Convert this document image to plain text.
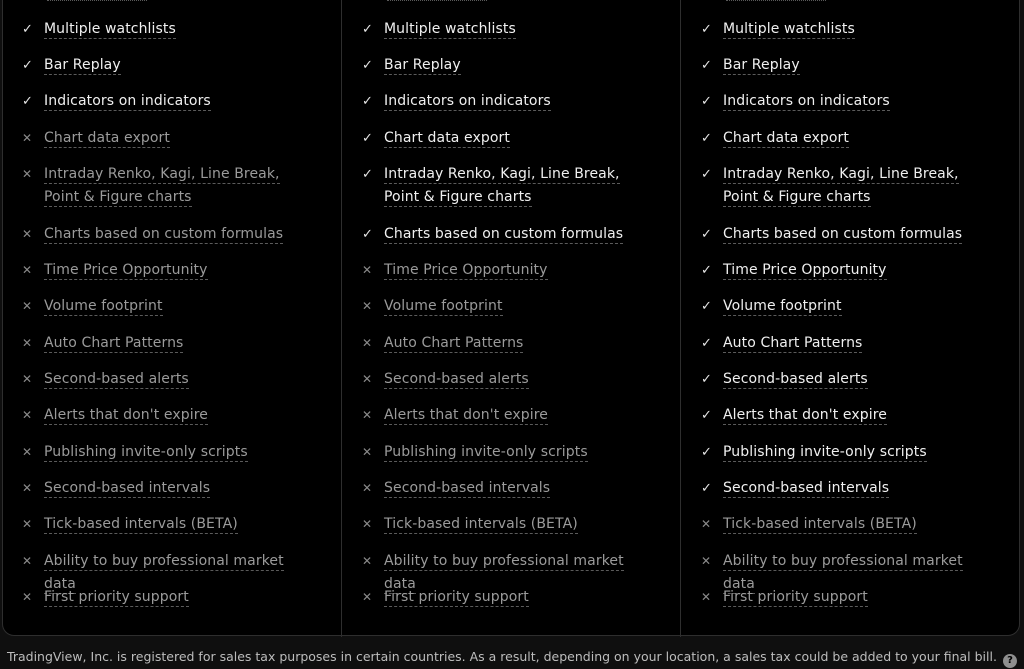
✓ Multiple watchlists
✓ Bar Replay
✓ Indicators on indicators
✕ Chart data export
✕ Intraday Renko, Kagi, Line Break, Point & Figure charts
✕ Charts based on custom formulas
✕ Time Price Opportunity
✕ Volume footprint
✕ Auto Chart Patterns
✕ Second-based alerts
✕ Alerts that don't expire
✕ Publishing invite-only scripts
✕ Second-based intervals
✕ Tick-based intervals (BETA)
✕ Ability to buy professional market data
✕ First priority support
✓ Multiple watchlists
✓ Bar Replay
✓ Indicators on indicators
✓ Chart data export
✓ Intraday Renko, Kagi, Line Break, Point & Figure charts
✓ Charts based on custom formulas
✕ Time Price Opportunity
✕ Volume footprint
✕ Auto Chart Patterns
✕ Second-based alerts
✕ Alerts that don't expire
✕ Publishing invite-only scripts
✕ Second-based intervals
✕ Tick-based intervals (BETA)
✕ Ability to buy professional market data
✕ First priority support
✓ Multiple watchlists
✓ Bar Replay
✓ Indicators on indicators
✓ Chart data export
✓ Intraday Renko, Kagi, Line Break, Point & Figure charts
✓ Charts based on custom formulas
✓ Time Price Opportunity
✓ Volume footprint
✓ Auto Chart Patterns
✓ Second-based alerts
✓ Alerts that don't expire
✓ Publishing invite-only scripts
✓ Second-based intervals
✕ Tick-based intervals (BETA)
✕ Ability to buy professional market data
✕ First priority support
TradingView, Inc. is registered for sales tax purposes in certain countries. As a result, depending on your location, a sales tax could be added to your final bill. ?
